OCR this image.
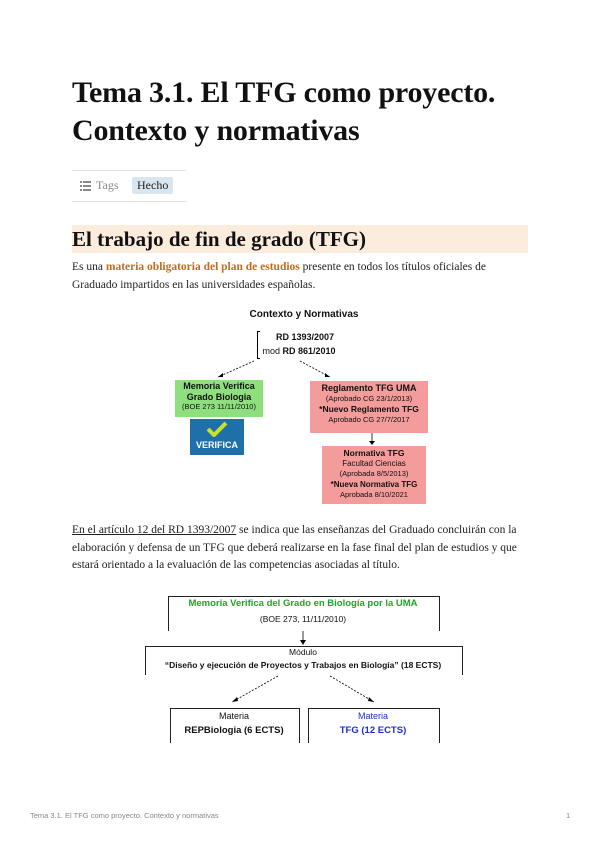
Tema 3.1. El TFG como proyecto. Contexto y normativas
Tags	Hecho
El trabajo de fin de grado (TFG)
Es una materia obligatoria del plan de estudios presente en todos los títulos oficiales de Graduado impartidos en las universidades españolas.
Contexto y Normativas
RD 1393/2007
mod RD 861/2010
Memoria Verifica
Grado Biologia
(BOE 273 11/11/2010)
VERIFICA
Reglamento TFG UMA
(Aprobado CG 23/1/2013)
*Nuevo Reglamento TFG
Aprobado CG 27/7/2017
Normativa TFG
Facultad Ciencias
(Aprobada 8/5/2013)
*Nueva Normativa TFG
Aprobada 8/10/2021
En el artículo 12 del RD 1393/2007 se indica que las enseñanzas del Graduado concluirán con la elaboración y defensa de un TFG que deberá realizarse en la fase final del plan de estudios y que estará orientado a la evaluación de las competencias asociadas al título.
Memoria Verifica del Grado en Biología por la UMA
(BOE 273, 11/11/2010)
Módulo
“Diseño y ejecución de Proyectos y Trabajos en Biología” (18 ECTS)
Materia
REPBiologia (6 ECTS)
Materia
TFG (12 ECTS)
Tema 3.1. El TFG como proyecto. Contexto y normativas	1
